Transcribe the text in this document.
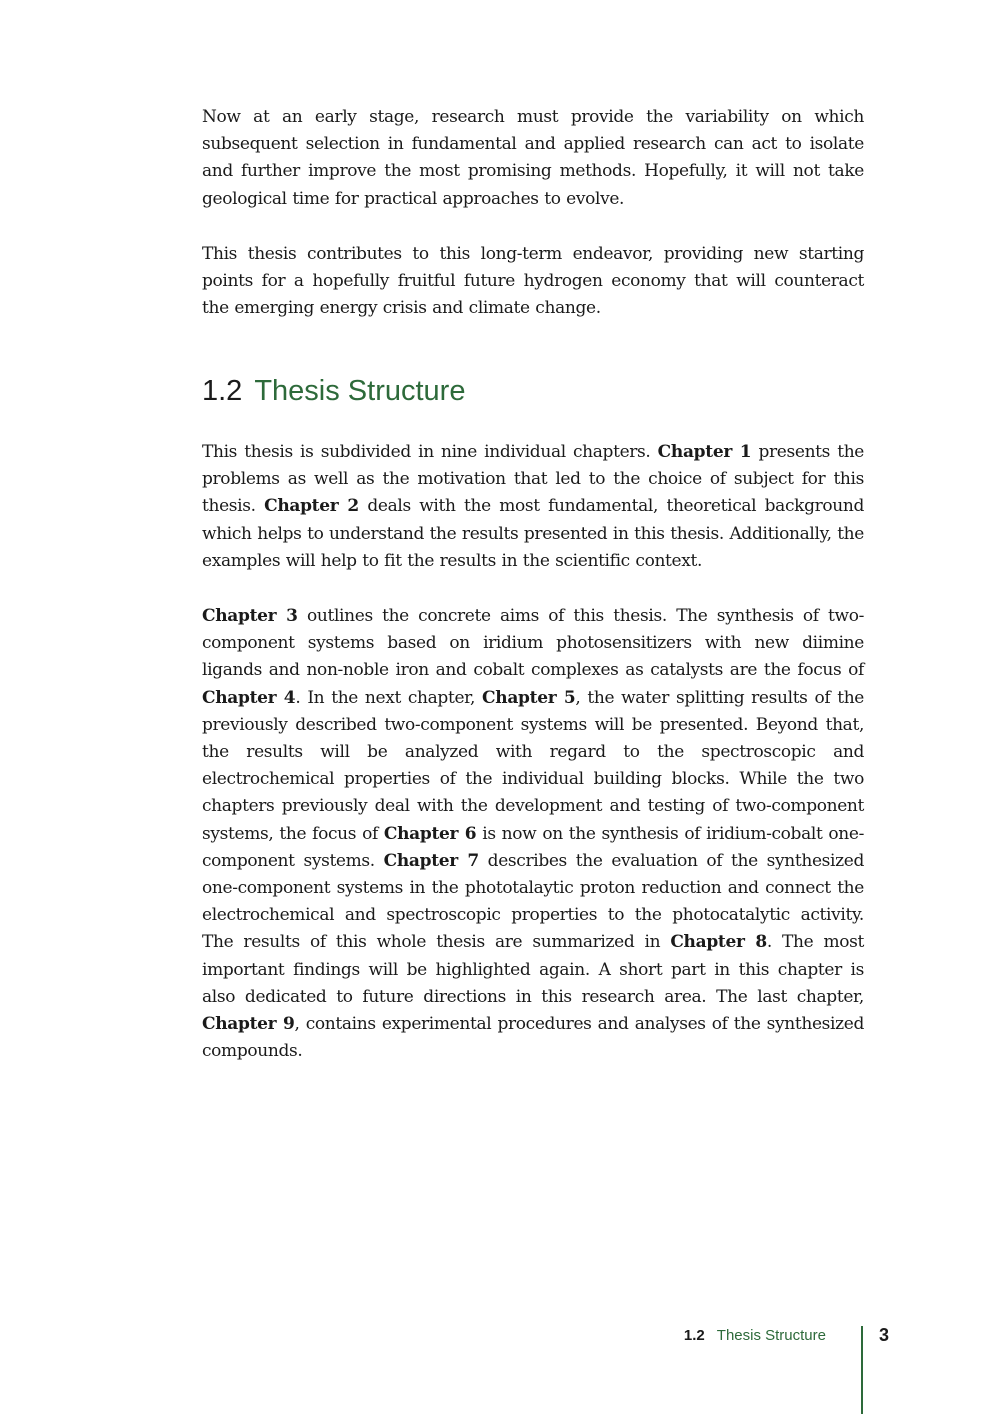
Now at an early stage, research must provide the variability on which subsequent selection in fundamental and applied research can act to isolate and further improve the most promising methods. Hopefully, it will not take geological time for practical approaches to evolve.

This thesis contributes to this long-term endeavor, providing new starting points for a hopefully fruitful future hydrogen economy that will counteract the emerging energy crisis and climate change.

1.2 Thesis Structure

This thesis is subdivided in nine individual chapters. Chapter 1 presents the problems as well as the motivation that led to the choice of subject for this thesis. Chapter 2 deals with the most fundamental, theoretical background which helps to understand the results presented in this thesis. Additionally, the examples will help to fit the results in the scientific context.

Chapter 3 outlines the concrete aims of this thesis. The synthesis of two-component systems based on iridium photosensitizers with new diimine ligands and non-noble iron and cobalt complexes as catalysts are the focus of Chapter 4. In the next chapter, Chapter 5, the water splitting results of the previously described two-component systems will be presented. Beyond that, the results will be analyzed with regard to the spectroscopic and electrochemical properties of the individual building blocks. While the two chapters previously deal with the development and testing of two-component systems, the focus of Chapter 6 is now on the synthesis of iridium-cobalt one-component systems. Chapter 7 describes the evaluation of the synthesized one-component systems in the phototalaytic proton reduction and connect the electrochemical and spectroscopic properties to the photocatalytic activity. The results of this whole thesis are summarized in Chapter 8. The most important findings will be highlighted again. A short part in this chapter is also dedicated to future directions in this research area. The last chapter, Chapter 9, contains experimental procedures and analyses of the synthesized compounds.

1.2 Thesis Structure	3
